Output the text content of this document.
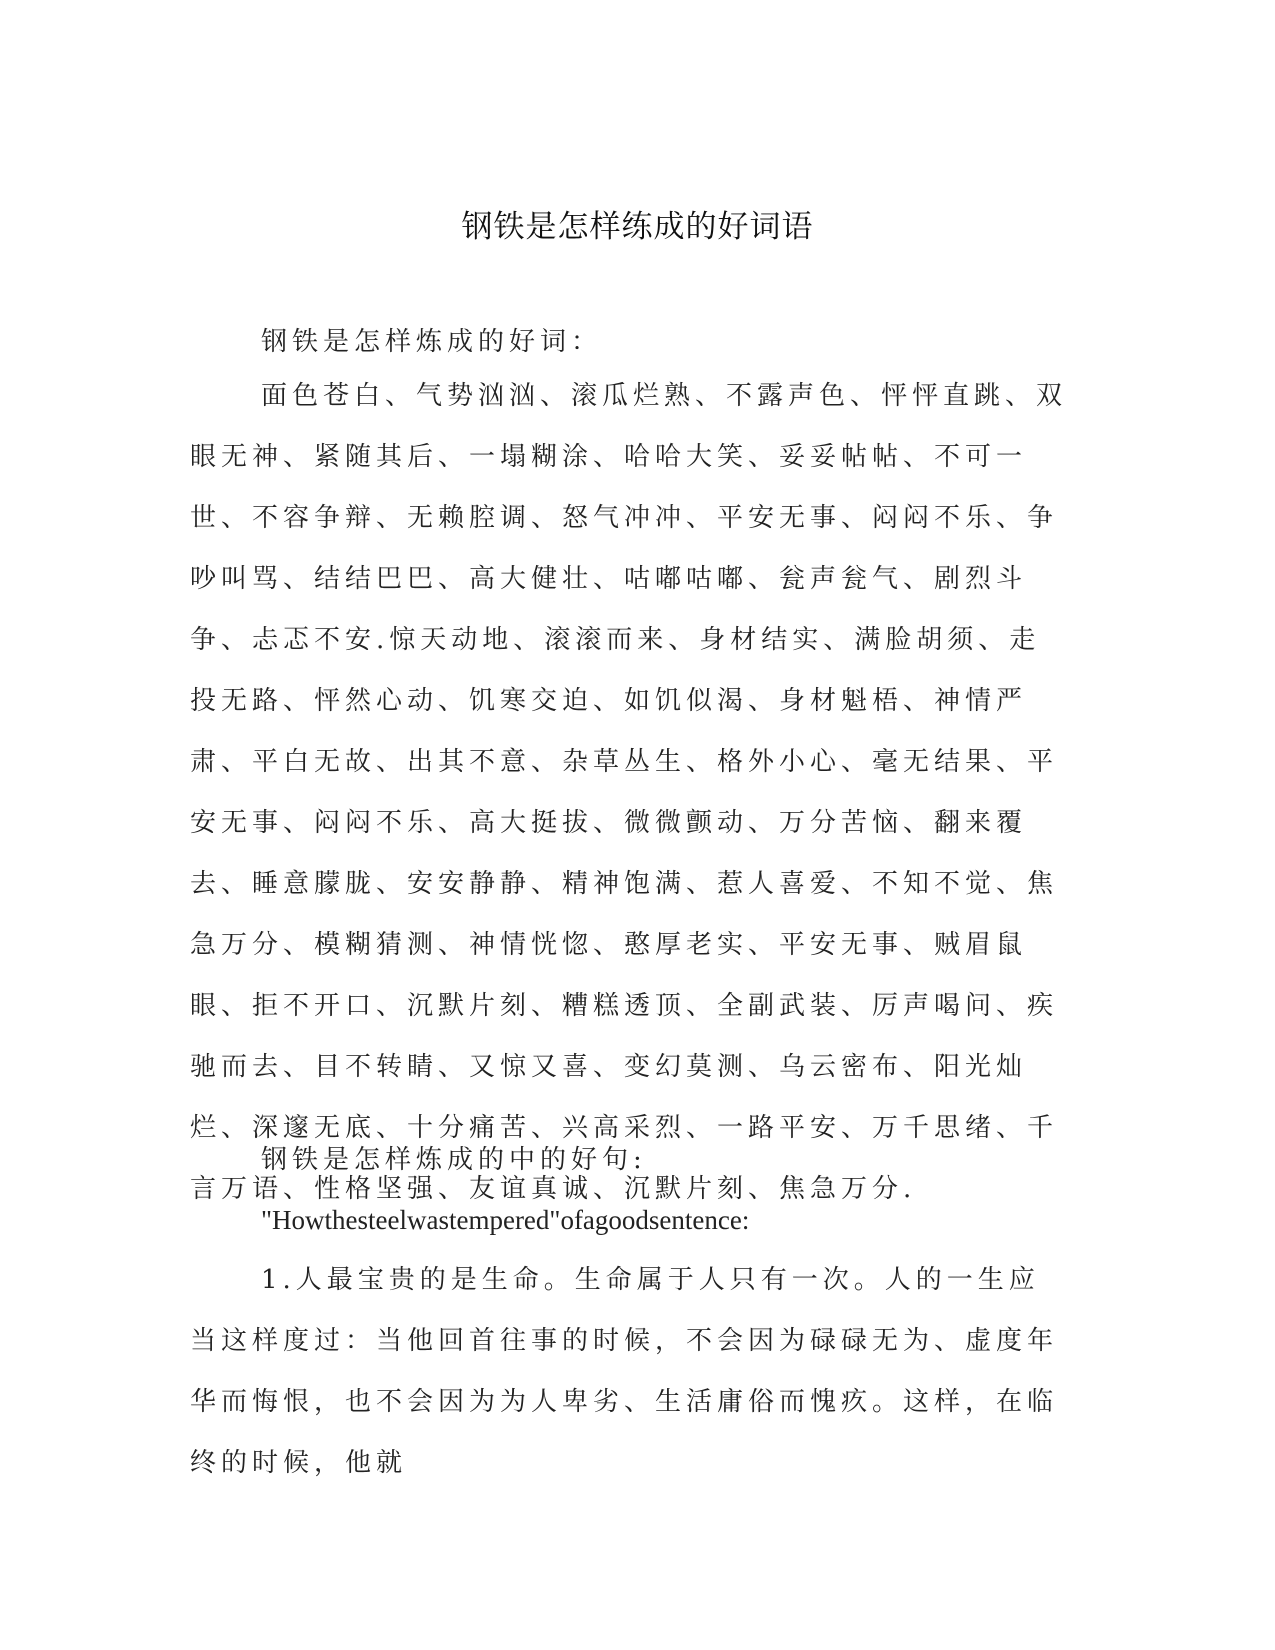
钢铁是怎样练成的好词语

钢铁是怎样炼成的好词：

面色苍白、气势汹汹、滚瓜烂熟、不露声色、怦怦直跳、双眼无神、紧随其后、一塌糊涂、哈哈大笑、妥妥帖帖、不可一世、不容争辩、无赖腔调、怒气冲冲、平安无事、闷闷不乐、争吵叫骂、结结巴巴、高大健壮、咕嘟咕嘟、瓮声瓮气、剧烈斗争、忐忑不安.惊天动地、滚滚而来、身材结实、满脸胡须、走投无路、怦然心动、饥寒交迫、如饥似渴、身材魁梧、神情严肃、平白无故、出其不意、杂草丛生、格外小心、毫无结果、平安无事、闷闷不乐、高大挺拔、微微颤动、万分苦恼、翻来覆去、睡意朦胧、安安静静、精神饱满、惹人喜爱、不知不觉、焦急万分、模糊猜测、神情恍惚、憨厚老实、平安无事、贼眉鼠眼、拒不开口、沉默片刻、糟糕透顶、全副武装、厉声喝问、疾驰而去、目不转睛、又惊又喜、变幻莫测、乌云密布、阳光灿烂、深邃无底、十分痛苦、兴高采烈、一路平安、万千思绪、千言万语、性格坚强、友谊真诚、沉默片刻、焦急万分.

钢铁是怎样炼成的中的好句:

"Howthesteelwastempered"ofagoodsentence:

1.人最宝贵的是生命。生命属于人只有一次。人的一生应当这样度过：当他回首往事的时候，不会因为碌碌无为、虚度年华而悔恨，也不会因为为人卑劣、生活庸俗而愧疚。这样，在临终的时候，他就
